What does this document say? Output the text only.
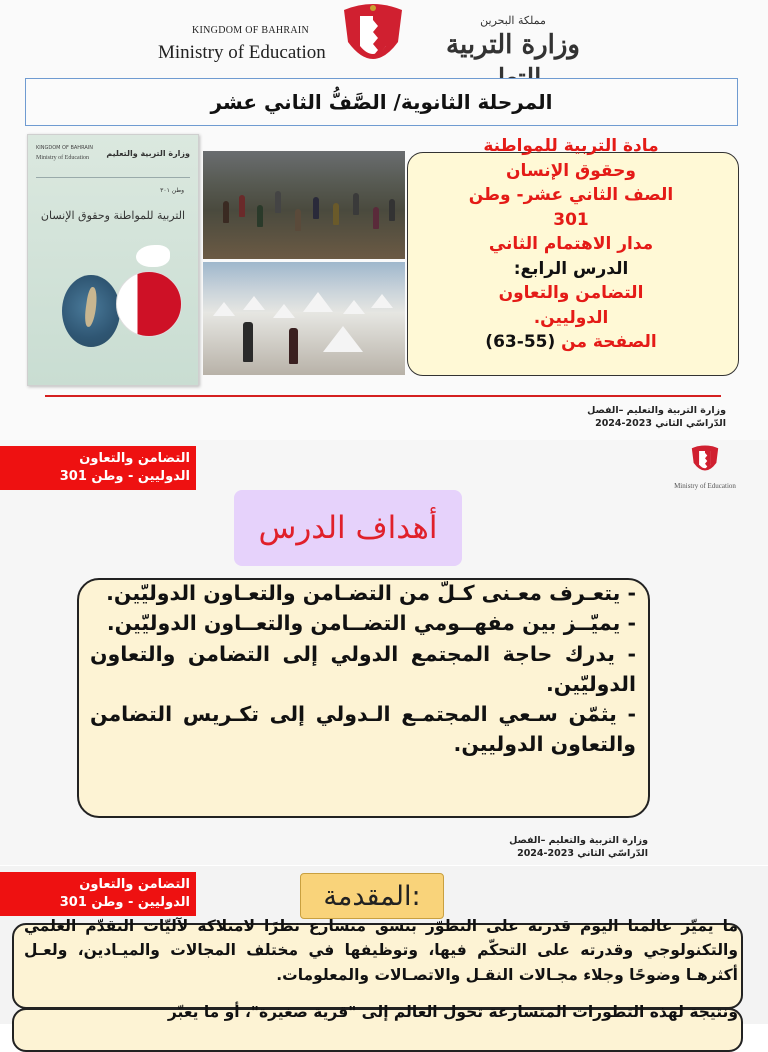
KINGDOM OF BAHRAIN
Ministry of Education
مملكة البحرين
وزارة التربية
المرحلة الثانوية/ الصَّفُّ الثاني عشر
KINGDOM OF BAHRAIN
Ministry of Education وزارة التربية والتعليم
وطن ٣٠١
التربية للمواطنة وحقوق الإنسان
مادة التربية للمواطنة
وحقوق الإنسان
الصف الثاني عشر- وطن
301
مدار الاهتمام الثاني
الدرس الرابع:
التضامن والتعاون
الدوليين.
الصفحة من (55-63)
وزارة التربية والتعليم –الفصل
الدّراسّي الثاني 2023-2024
التضامن والتعاون
الدوليين - وطن 301
Ministry of Education
أهداف الدرس

- يتعـرف معـنى كـلّ من التضـامن والتعـاون الدوليّين.

- يميّــز بين مفهــومي التضــامن والتعــاون الدوليّين.

- يدرك حاجة المجتمع الدولي إلى التضامن والتعاون الدوليّين.

- يثمّن سـعي المجتمـع الـدولي إلى تكـريس التضامن والتعاون الدوليين.

وزارة التربية والتعليم –الفصل
الدّراسّي الثاني 2023-2024
التضامن والتعاون
الدوليين - وطن 301	المقدمة:
ما يميّز عالمنا اليوم قدرته على التطوّر بنسق متسارع نظرًا لامتلاكه لآليّات التقدّم العلمي والتكنولوجي وقدرته على التحكّم فيها، وتوظيفها في مختلف المجالات والميـادين، ولعـل أكثرهـا وضوحًا وجلاء مجـالات النقـل والاتصـالات والمعلومات.
ونتيجة لهذه التطورات المتسارعة تحول العالم إلى "قرية صغيرة"، أو ما يعبّر
